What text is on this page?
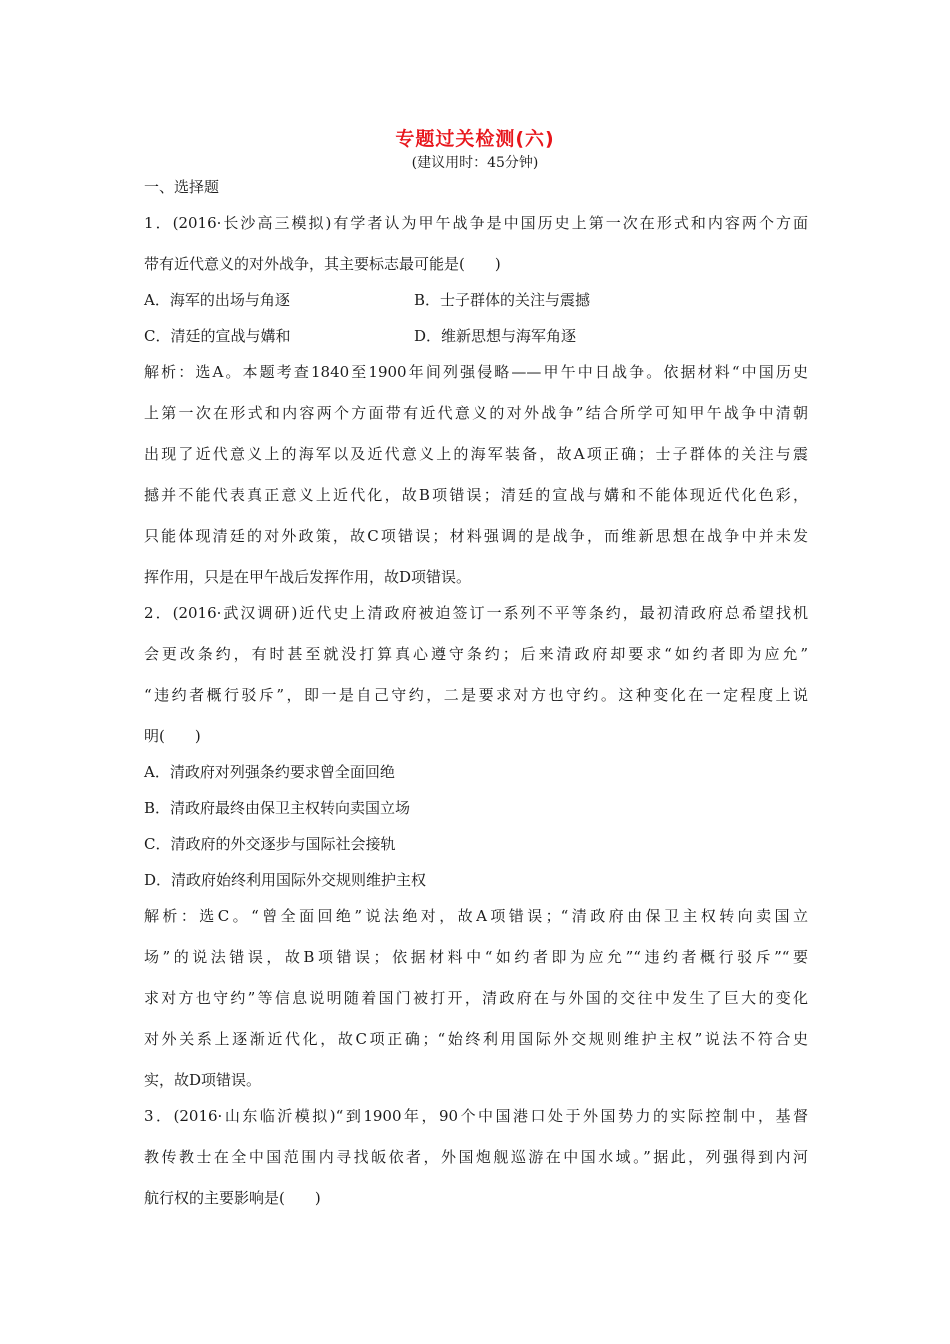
专题过关检测(六)
(建议用时：45分钟)
一、选择题
1．(2016·长沙高三模拟)有学者认为甲午战争是中国历史上第一次在形式和内容两个方面
带有近代意义的对外战争，其主要标志最可能是(　　)
A．海军的出场与角逐	B．士子群体的关注与震撼
C．清廷的宣战与媾和	D．维新思想与海军角逐
解析：选A。本题考查1840至1900年间列强侵略——甲午中日战争。依据材料“中国历史
上第一次在形式和内容两个方面带有近代意义的对外战争”结合所学可知甲午战争中清朝
出现了近代意义上的海军以及近代意义上的海军装备，故A项正确；士子群体的关注与震
撼并不能代表真正意义上近代化，故B项错误；清廷的宣战与媾和不能体现近代化色彩，
只能体现清廷的对外政策，故C项错误；材料强调的是战争，而维新思想在战争中并未发
挥作用，只是在甲午战后发挥作用，故D项错误。
2．(2016·武汉调研)近代史上清政府被迫签订一系列不平等条约，最初清政府总希望找机
会更改条约，有时甚至就没打算真心遵守条约；后来清政府却要求“如约者即为应允”
“违约者概行驳斥”，即一是自己守约，二是要求对方也守约。这种变化在一定程度上说
明(　　)
A．清政府对列强条约要求曾全面回绝
B．清政府最终由保卫主权转向卖国立场
C．清政府的外交逐步与国际社会接轨
D．清政府始终利用国际外交规则维护主权
解析：选C。“曾全面回绝”说法绝对，故A项错误；“清政府由保卫主权转向卖国立
场”的说法错误，故B项错误；依据材料中“如约者即为应允”“违约者概行驳斥”“要
求对方也守约”等信息说明随着国门被打开，清政府在与外国的交往中发生了巨大的变化
对外关系上逐渐近代化，故C项正确；“始终利用国际外交规则维护主权”说法不符合史
实，故D项错误。
3．(2016·山东临沂模拟)“到1900年，90个中国港口处于外国势力的实际控制中，基督
教传教士在全中国范围内寻找皈依者，外国炮舰巡游在中国水域。”据此，列强得到内河
航行权的主要影响是(　　)
